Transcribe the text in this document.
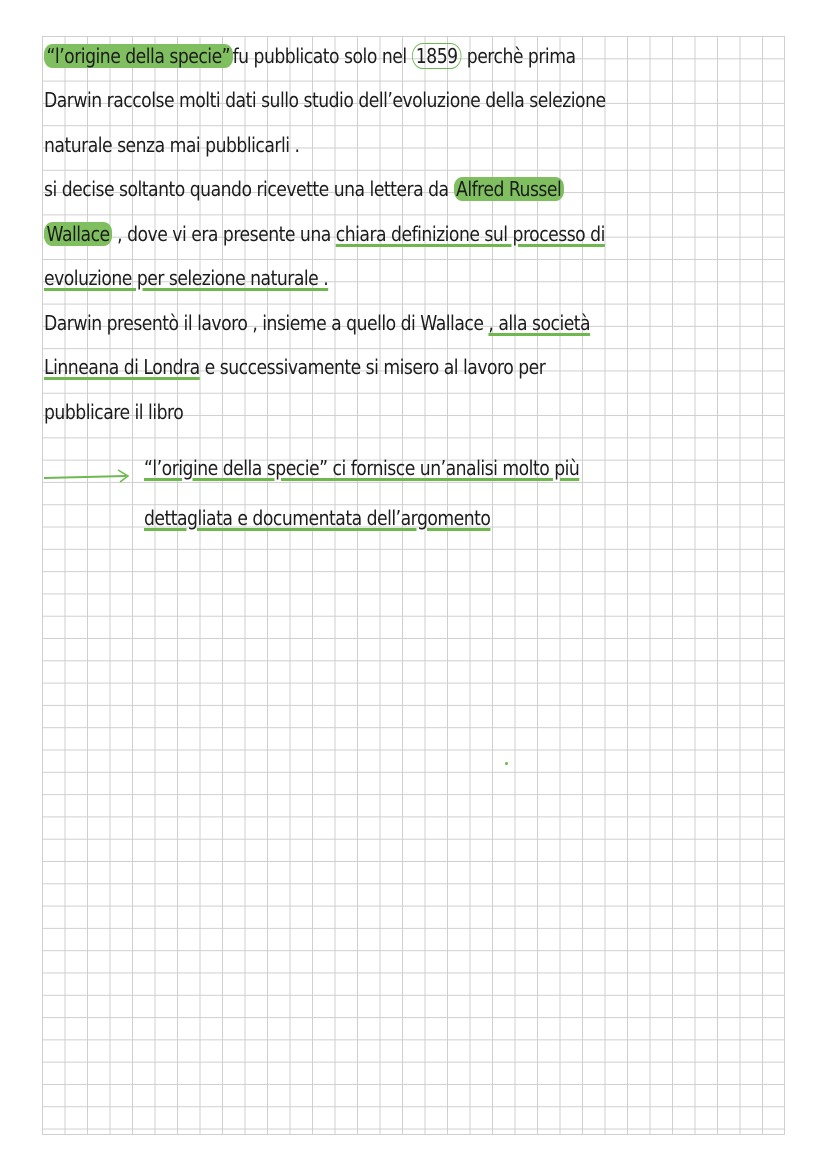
“l’origine della specie” fu pubblicato solo nel 1859 perchè prima
Darwin raccolse molti dati sullo studio dell’evoluzione della selezione
naturale senza mai pubblicarli .
si decise soltanto quando ricevette una lettera da Alfred Russel
Wallace , dove vi era presente una chiara definizione sul processo di
evoluzione per selezione naturale .
Darwin presentò il lavoro , insieme a quello di Wallace , alla società
Linneana di Londra e successivamente si misero al lavoro per
pubblicare il libro
“l’origine della specie” ci fornisce un’analisi molto più
dettagliata e documentata dell’argomento
